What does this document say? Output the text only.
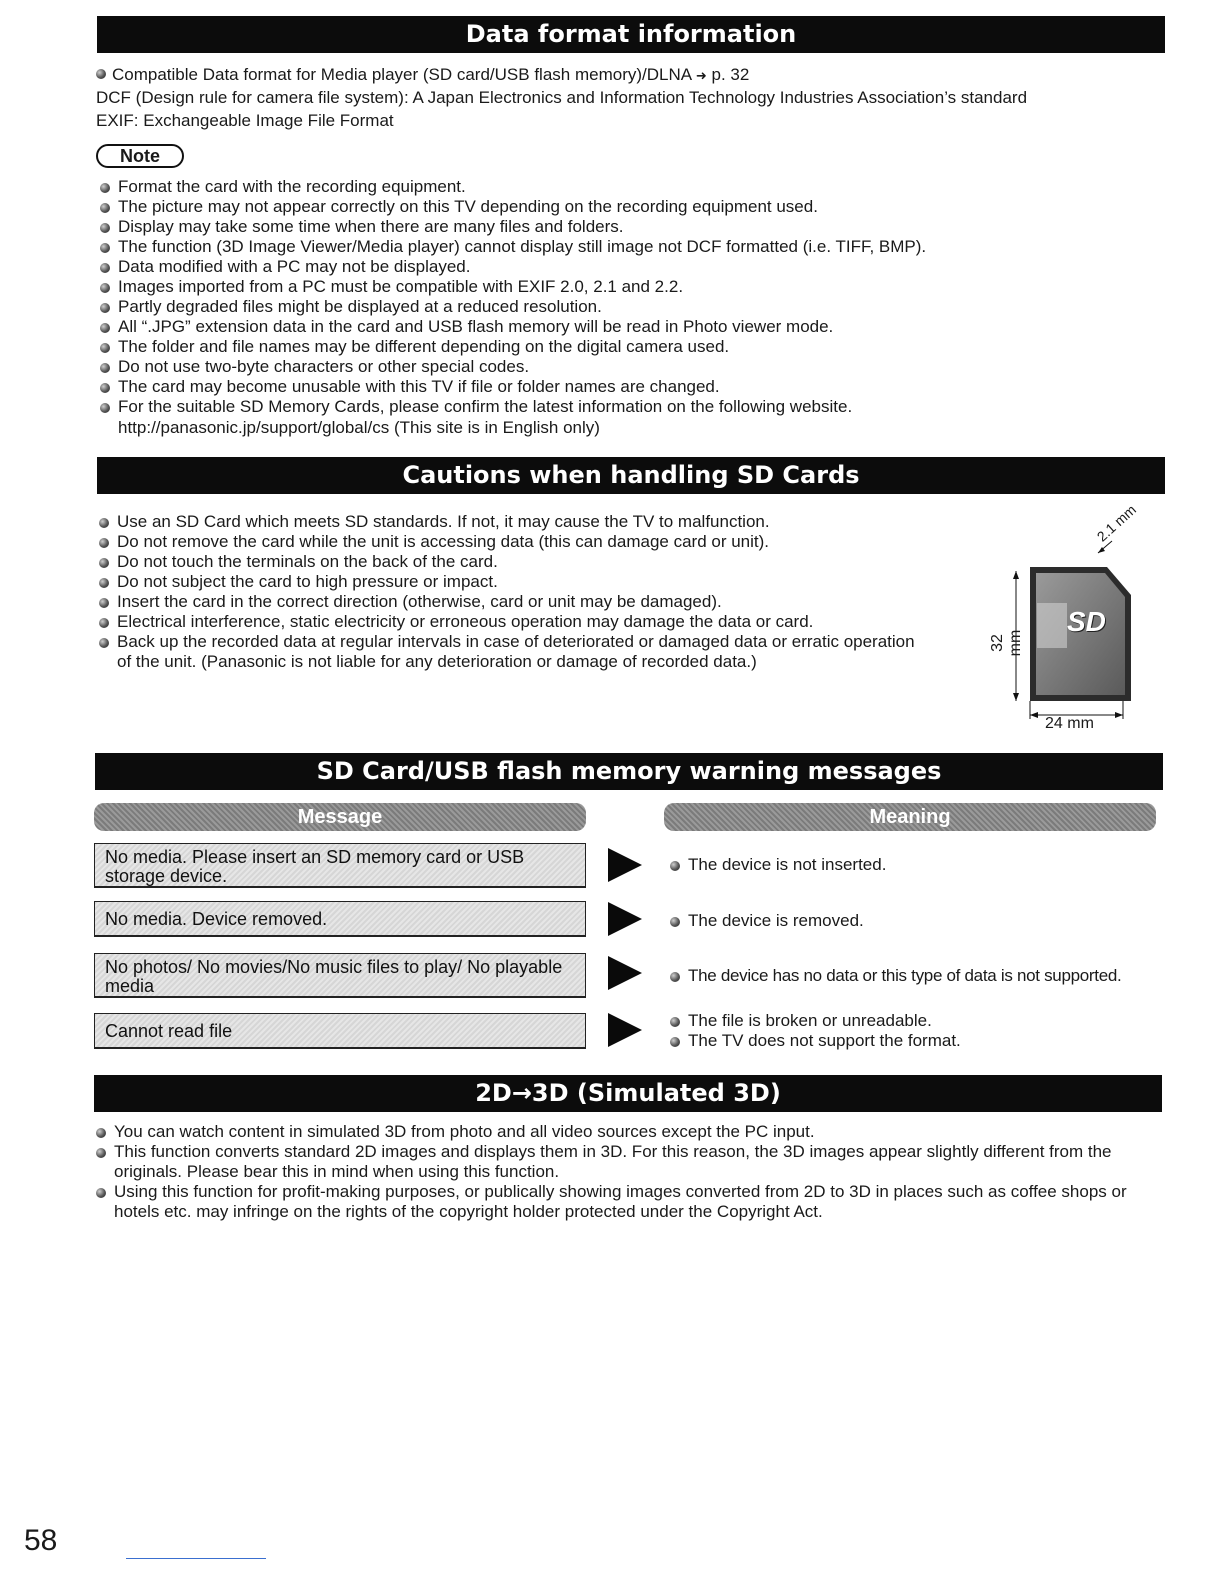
Data format information
Compatible Data format for Media player (SD card/USB flash memory)/DLNA ➜ p. 32
DCF (Design rule for camera file system): A Japan Electronics and Information Technology Industries Association’s standard
EXIF: Exchangeable Image File Format
Note
Format the card with the recording equipment.
The picture may not appear correctly on this TV depending on the recording equipment used.
Display may take some time when there are many files and folders.
The function (3D Image Viewer/Media player) cannot display still image not DCF formatted (i.e. TIFF, BMP).
Data modified with a PC may not be displayed.
Images imported from a PC must be compatible with EXIF 2.0, 2.1 and 2.2.
Partly degraded files might be displayed at a reduced resolution.
All “.JPG” extension data in the card and USB flash memory will be read in Photo viewer mode.
The folder and file names may be different depending on the digital camera used.
Do not use two-byte characters or other special codes.
The card may become unusable with this TV if file or folder names are changed.
For the suitable SD Memory Cards, please confirm the latest information on the following website.
http://panasonic.jp/support/global/cs (This site is in English only)
Cautions when handling SD Cards
Use an SD Card which meets SD standards. If not, it may cause the TV to malfunction.
Do not remove the card while the unit is accessing data (this can damage card or unit).
Do not touch the terminals on the back of the card.
Do not subject the card to high pressure or impact.
Insert the card in the correct direction (otherwise, card or unit may be damaged).
Electrical interference, static electricity or erroneous operation may damage the data or card.
Back up the recorded data at regular intervals in case of deteriorated or damaged data or erratic operation of the unit. (Panasonic is not liable for any deterioration or damage of recorded data.)
SD
32 mm
24 mm
2.1 mm
SD Card/USB flash memory warning messages
Message	Meaning
No media. Please insert an SD memory card or USB storage device.
The device is not inserted.
No media. Device removed.	The device is removed.
No photos/ No movies/No music files to play/ No playable media
The device has no data or this type of data is not supported.
Cannot read file
The file is broken or unreadable.
The TV does not support the format.
2D→3D (Simulated 3D)
You can watch content in simulated 3D from photo and all video sources except the PC input.
This function converts standard 2D images and displays them in 3D. For this reason, the 3D images appear slightly different from the originals. Please bear this in mind when using this function.
Using this function for profit-making purposes, or publically showing images converted from 2D to 3D in places such as coffee shops or hotels etc. may infringe on the rights of the copyright holder protected under the Copyright Act.
58
